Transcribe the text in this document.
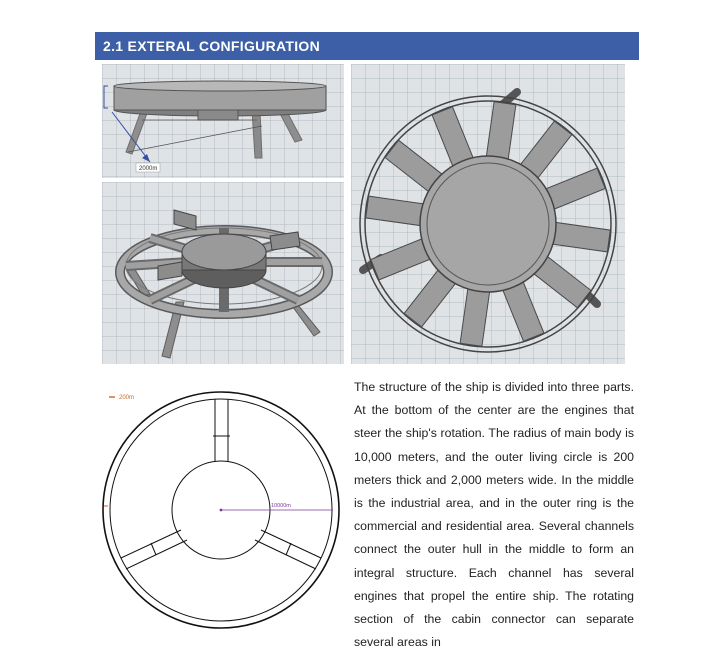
2.1 EXTERAL CONFIGURATION
2000m
10000m
200m
The structure of the ship is divided into three parts. At the bottom of the center are the engines that steer the ship's rotation. The radius of main body is 10,000 meters, and the outer living circle is 200 meters thick and 2,000 meters wide. In the middle is the industrial area, and in the outer ring is the commercial and residential area. Several channels connect the outer hull in the middle to form an integral structure. Each channel has several engines that propel the entire ship. The rotating section of the cabin connector can separate several areas in
